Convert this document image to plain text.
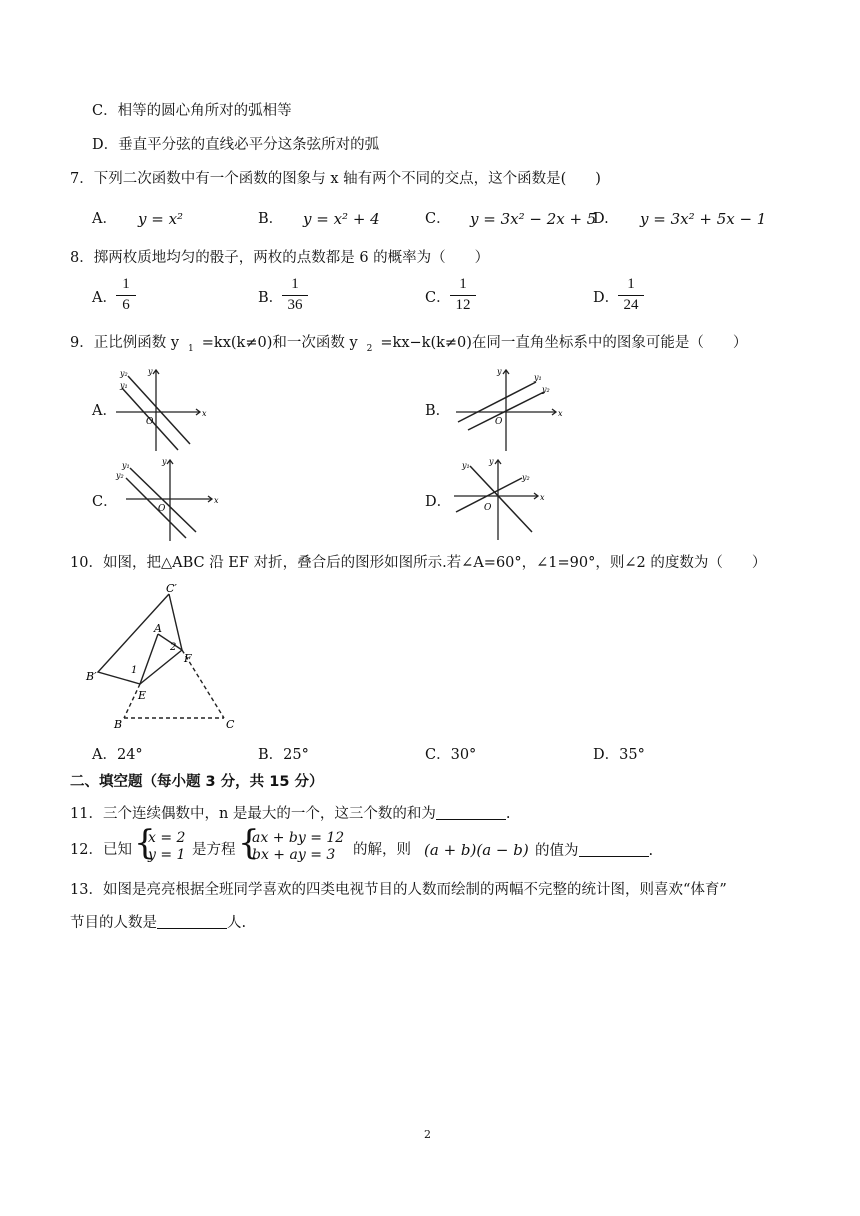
C．相等的圆心角所对的弧相等
D．垂直平分弦的直线必平分这条弦所对的弧
7．下列二次函数中有一个函数的图象与 x 轴有两个不同的交点，这个函数是(　　)
A． y = x²	B． y = x² + 4	C． y = 3x² − 2x + 5
D. y = 3x² + 5x − 1
8．掷两枚质地均匀的骰子，两枚的点数都是 6 的概率为（　　）
A．
1
6	B．
1
36	C．
1
12	D．
1
24
9．正比例函数 y $_1$ =kx(k≠0)和一次函数 y $_2$ =kx−k(k≠0)在同一直角坐标系中的图象可能是（　　）
A．	x
y
O
y₂
y₁
B．	x
y
O
y₁
y₂
C．	x
y
O
y₁
y₂
D．	x
y
O
y₁
y₂
10．如图，把△ABC 沿 EF 对折，叠合后的图形如图所示.若∠A=60°，∠1=90°，则∠2 的度数为（　　）
C′
A
B′
E
F
B	C
1
2
A．24°	B．25°	C．30°	D．35°
二、填空题（每小题 3 分，共 15 分）
11．三个连续偶数中，n 是最大的一个，这三个数的和为	.
12．已知 {
x = 2
y = 1 是方程 {
ax + by = 12
bx + ay = 3 的解，则 (a + b)(a − b) 的值为	.
13．如图是亮亮根据全班同学喜欢的四类电视节目的人数而绘制的两幅不完整的统计图，则喜欢“体育”
节目的人数是	人.
2
